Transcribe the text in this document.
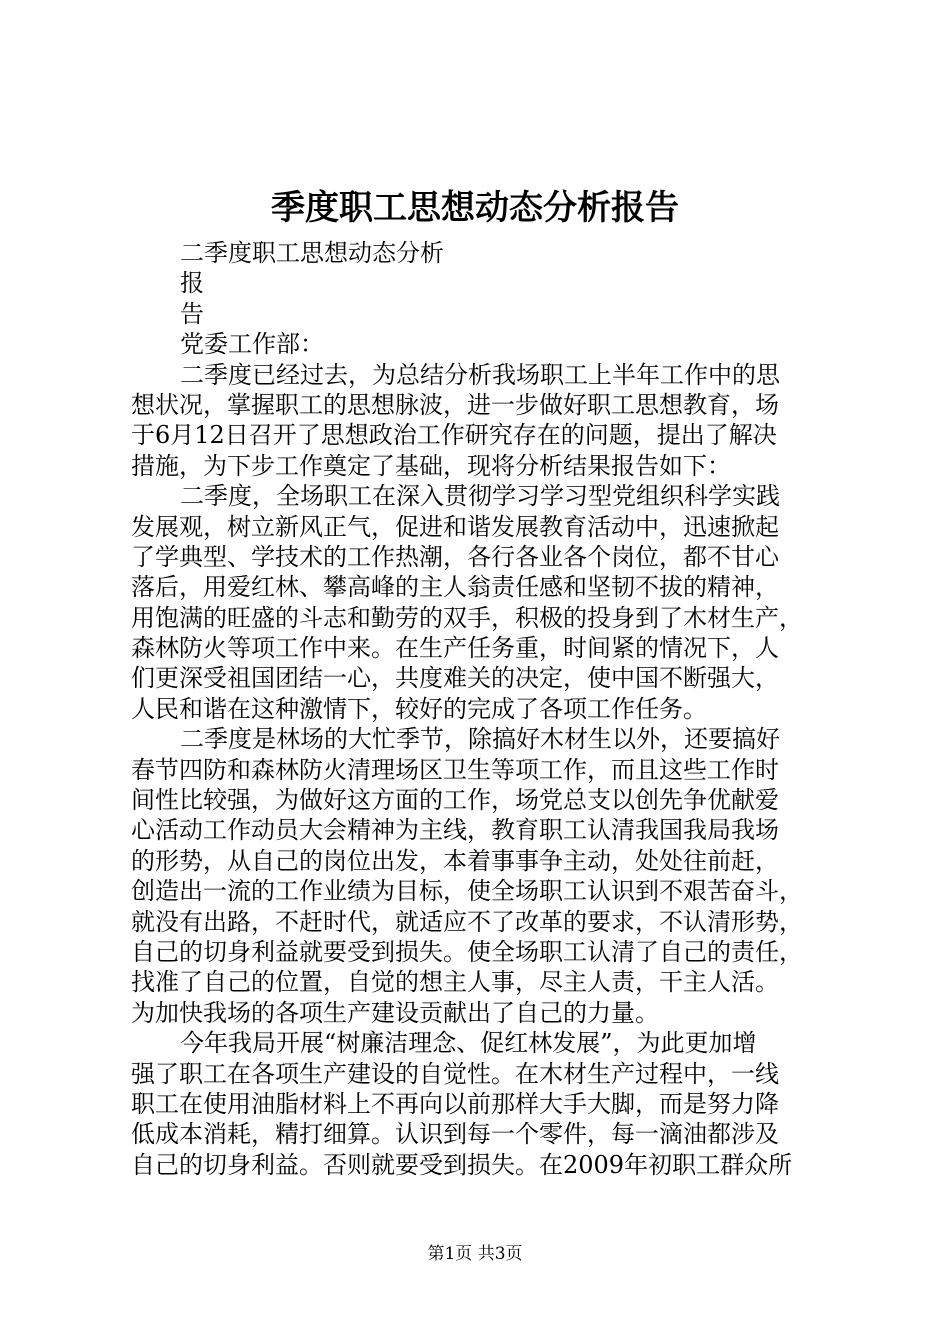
季度职工思想动态分析报告
二季度职工思想动态分析
报
告
党委工作部：
二季度已经过去，为总结分析我场职工上半年工作中的思
想状况，掌握职工的思想脉波，进一步做好职工思想教育，场
于6月12日召开了思想政治工作研究存在的问题，提出了解决
措施，为下步工作奠定了基础，现将分析结果报告如下：
二季度，全场职工在深入贯彻学习学习型党组织科学实践
发展观，树立新风正气，促进和谐发展教育活动中，迅速掀起
了学典型、学技术的工作热潮，各行各业各个岗位，都不甘心
落后，用爱红林、攀高峰的主人翁责任感和坚韧不拔的精神，
用饱满的旺盛的斗志和勤劳的双手，积极的投身到了木材生产，
森林防火等项工作中来。在生产任务重，时间紧的情况下，人
们更深受祖国团结一心，共度难关的决定，使中国不断强大，
人民和谐在这种激情下，较好的完成了各项工作任务。
二季度是林场的大忙季节，除搞好木材生以外，还要搞好
春节四防和森林防火清理场区卫生等项工作，而且这些工作时
间性比较强，为做好这方面的工作，场党总支以创先争优献爱
心活动工作动员大会精神为主线，教育职工认清我国我局我场
的形势，从自己的岗位出发，本着事事争主动，处处往前赶，
创造出一流的工作业绩为目标，使全场职工认识到不艰苦奋斗，
就没有出路，不赶时代，就适应不了改革的要求，不认清形势，
自己的切身利益就要受到损失。使全场职工认清了自己的责任，
找准了自己的位置，自觉的想主人事，尽主人责，干主人活。
为加快我场的各项生产建设贡献出了自己的力量。
今年我局开展“树廉洁理念、促红林发展”，为此更加增
强了职工在各项生产建设的自觉性。在木材生产过程中，一线
职工在使用油脂材料上不再向以前那样大手大脚，而是努力降
低成本消耗，精打细算。认识到每一个零件，每一滴油都涉及
自己的切身利益。否则就要受到损失。在2009年初职工群众所
第1页 共3页
